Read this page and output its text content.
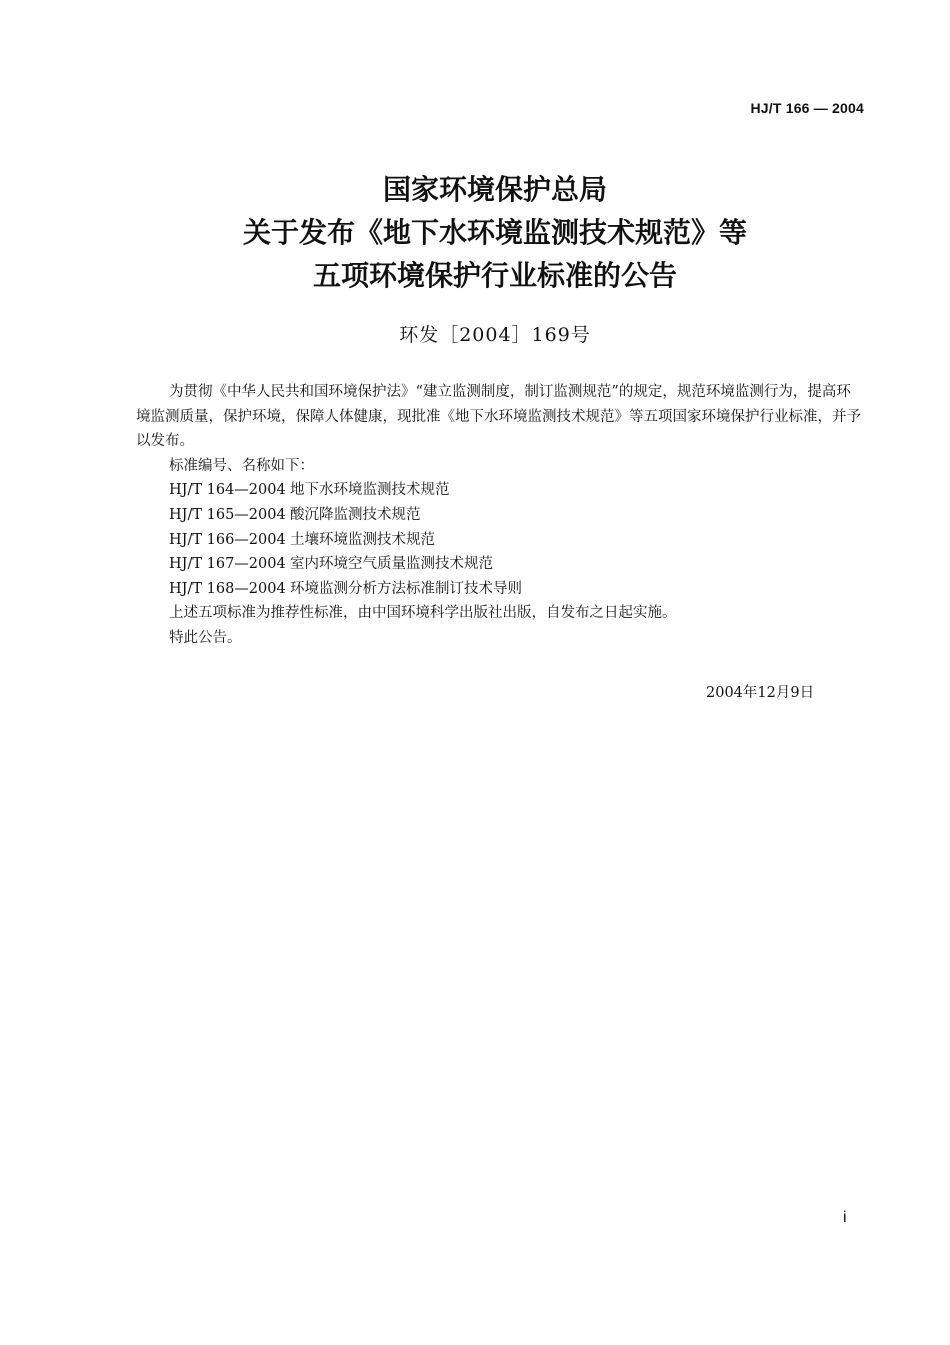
HJ/T 166 — 2004
国家环境保护总局
关于发布《地下水环境监测技术规范》等
五项环境保护行业标准的公告
环发［2004］169号

为贯彻《中华人民共和国环境保护法》“建立监测制度，制订监测规范”的规定，规范环境监测行为，提高环境监测质量，保护环境，保障人体健康，现批准《地下水环境监测技术规范》等五项国家环境保护行业标准，并予以发布。

标准编号、名称如下：

HJ/T 164—2004 地下水环境监测技术规范

HJ/T 165—2004 酸沉降监测技术规范

HJ/T 166—2004 土壤环境监测技术规范

HJ/T 167—2004 室内环境空气质量监测技术规范

HJ/T 168—2004 环境监测分析方法标准制订技术导则

上述五项标准为推荐性标准，由中国环境科学出版社出版，自发布之日起实施。

特此公告。

2004年12月9日
i
